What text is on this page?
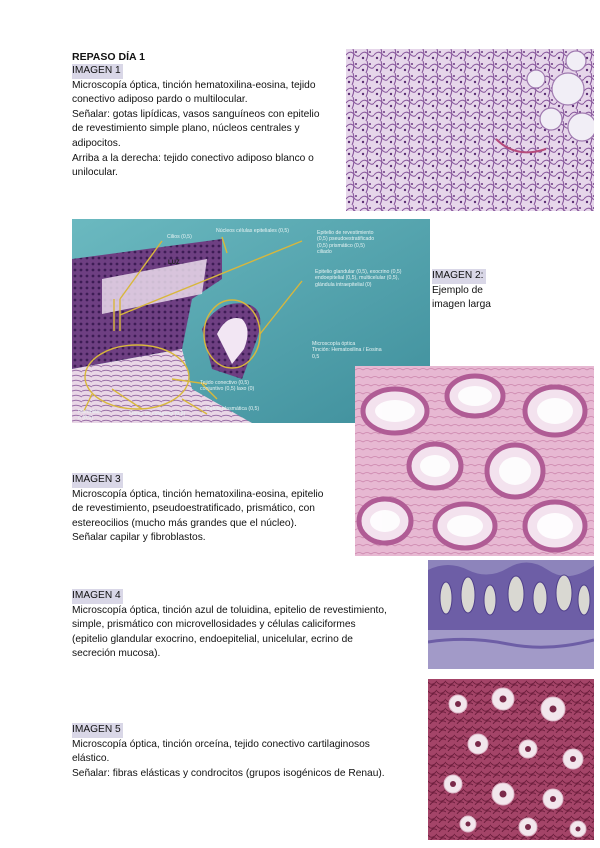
REPASO DÍA 1
IMAGEN 1
Microscopía óptica, tinción hematoxilina-eosina, tejido
conectivo adiposo pardo o multilocular.
Señalar: gotas lipídicas, vasos sanguíneos con epitelio
de revestimiento simple plano, núcleos centrales y
adipocitos.
Arriba a la derecha: tejido conectivo adiposo blanco o
unilocular.
Cilios (0,5)
Núcleos células epiteliales (0,5)
LUZ
Epitelio de revestimiento
(0,5) pseudoestratificado
(0,5) prismático (0,5)
ciliado
Epitelio glandular (0,5), exocrino (0,5)
endoepitelial (0,5), multicelular (0,5),
glándula intraepitelial (0)
Microscopía óptica
Tinción: Hematoxilina / Eosina
0,5
Tejido conectivo (0,5)
conjuntivo (0,5) laxo (0)
Fibroblast
o (0,5)
Fibras de colágeno (0,5)
Célula plasmática (0,5)
IMAGEN 2:
Ejemplo de
imagen larga
IMAGEN 3
Microscopía óptica, tinción hematoxilina-eosina, epitelio
de revestimiento, pseudoestratificado, prismático, con
estereocilios (mucho más grandes que el núcleo).
Señalar capilar y fibroblastos.
IMAGEN 4
Microscopía óptica, tinción azul de toluidina, epitelio de revestimiento,
simple, prismático con microvellosidades y células caliciformes
(epitelio glandular exocrino, endoepitelial, unicelular, ecrino de
secreción mucosa).
IMAGEN 5
Microscopía óptica, tinción orceína, tejido conectivo cartilaginosos
elástico.
Señalar: fibras elásticas y condrocitos (grupos isogénicos de Renau).
